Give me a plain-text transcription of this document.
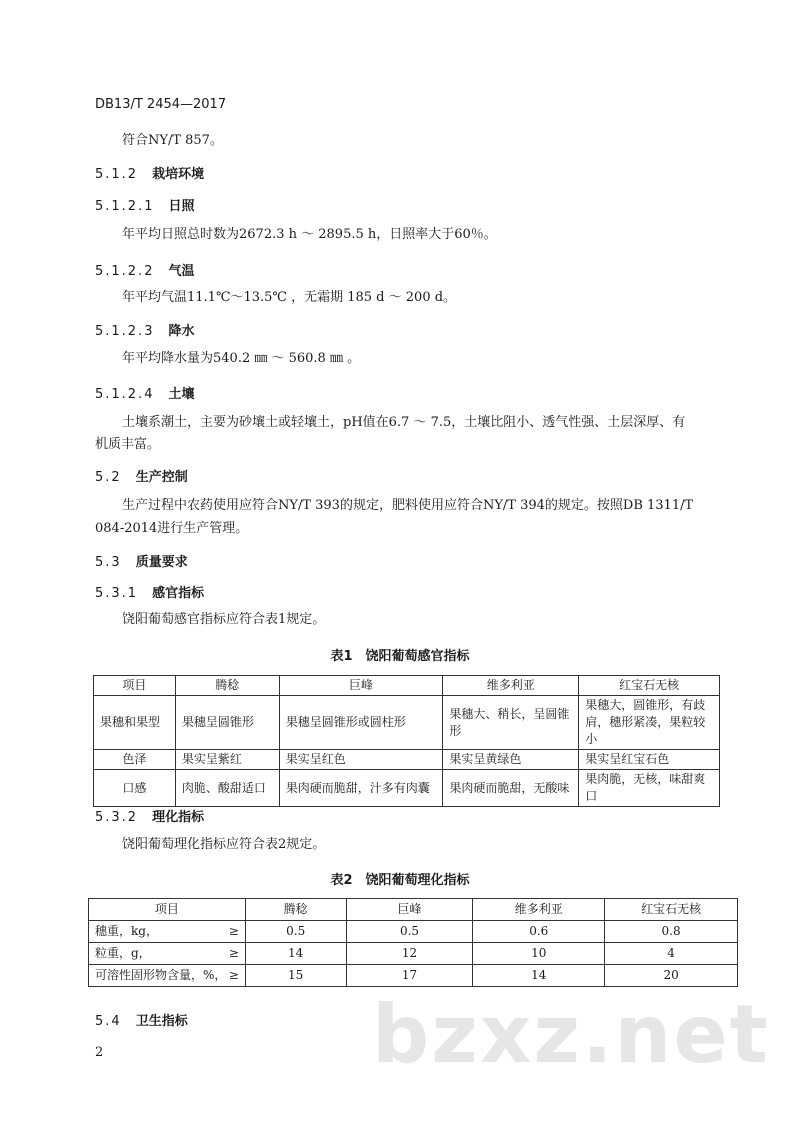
DB13/T 2454—2017
符合NY/T 857。
5.1.2 栽培环境
5.1.2.1 日照
年平均日照总时数为2672.3 h ～ 2895.5 h，日照率大于60％。
5.1.2.2 气温
年平均气温11.1℃～13.5℃ ，无霜期 185 d ～ 200 d。
5.1.2.3 降水
年平均降水量为540.2 ㎜ ～ 560.8 ㎜ 。
5.1.2.4 土壤
土壤系潮土，主要为砂壤土或轻壤土，pH值在6.7 ～ 7.5，土壤比阻小、透气性强、土层深厚、有
机质丰富。
5.2 生产控制
生产过程中农药使用应符合NY/T 393的规定，肥料使用应符合NY/T 394的规定。按照DB 1311/T
084-2014进行生产管理。
5.3 质量要求
5.3.1 感官指标
饶阳葡萄感官指标应符合表1规定。
表1　饶阳葡萄感官指标
项目	腾稔	巨峰	维多利亚	红宝石无核
果穗和果型	果穗呈圆锥形	果穗呈圆锥形或圆柱形	果穗大、稍长，呈圆锥形	果穗大，圆锥形，有歧肩，穗形紧凑，果粒较小
色泽	果实呈紫红	果实呈红色	果实呈黄绿色	果实呈红宝石色
口感	肉脆、酸甜适口	果肉硬而脆甜，汁多有肉囊	果肉硬而脆甜，无酸味	果肉脆，无核，味甜爽口
5.3.2 理化指标
饶阳葡萄理化指标应符合表2规定。
表2　饶阳葡萄理化指标
项目	腾稔	巨峰	维多利亚	红宝石无核
穗重，kg， ≥	0.5	0.5	0.6	0.8
粒重，g， ≥	14	12	10	4
可溶性固形物含量，%， ≥	15	17	14	20
5.4 卫生指标
2	bzxz.net
